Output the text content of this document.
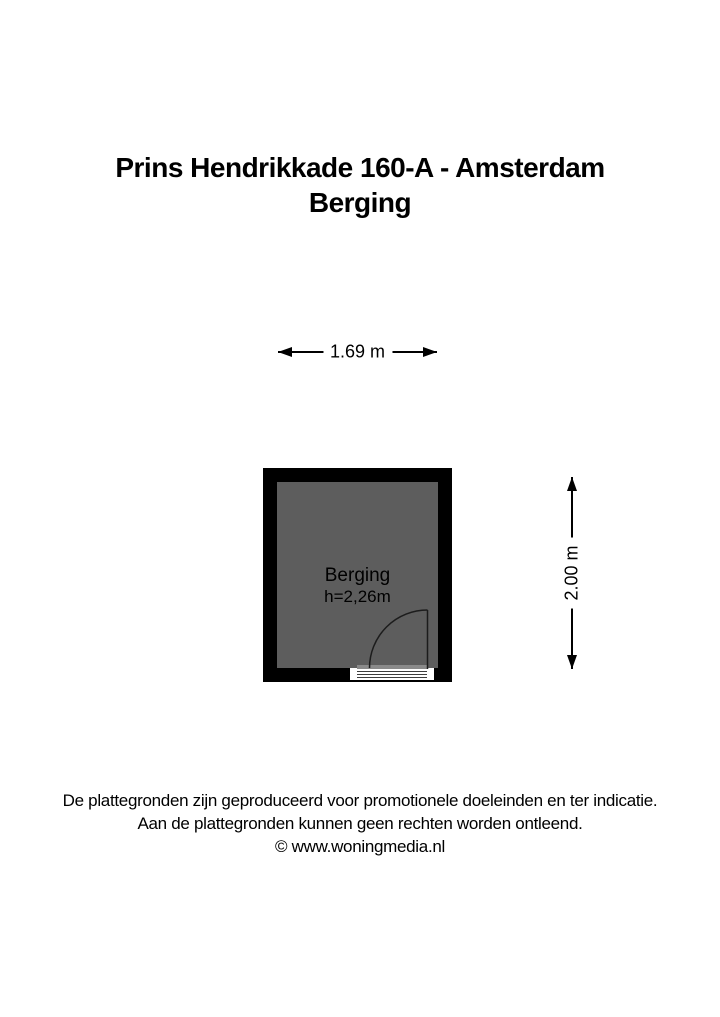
Prins Hendrikkade 160-A - Amsterdam
Berging
1.69 m
2.00 m
Berging
h=2,26m
De plattegronden zijn geproduceerd voor promotionele doeleinden en ter indicatie.
Aan de plattegronden kunnen geen rechten worden ontleend.
© www.woningmedia.nl
